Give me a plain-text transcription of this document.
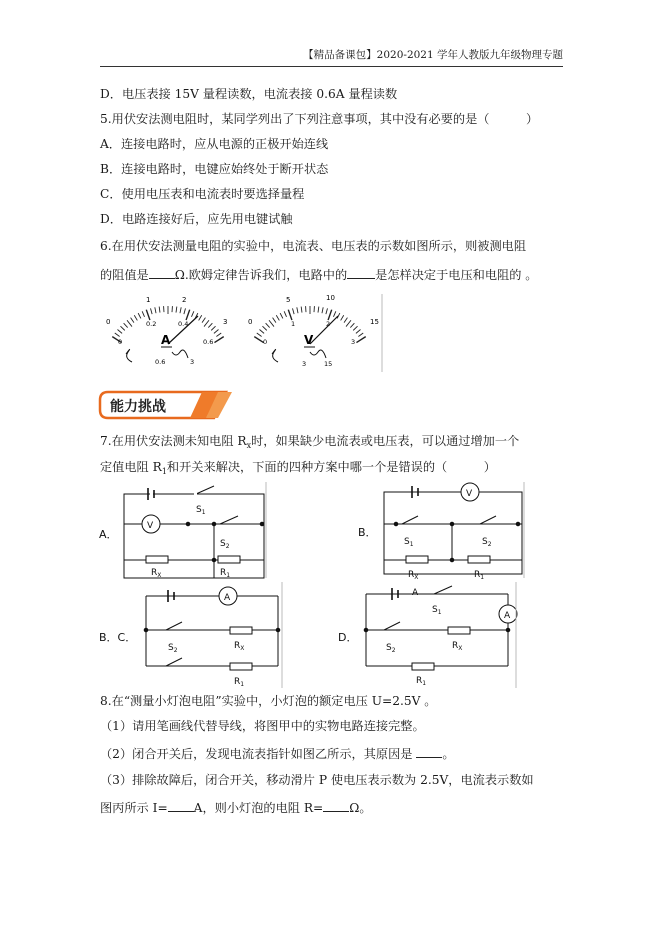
【精品备课包】2020-2021 学年人教版九年级物理专题
D．电压表接 15V 量程读数，电流表接 0.6A 量程读数
5.用伏安法测电阻时，某同学列出了下列注意事项，其中没有必要的是（　　　）
A．连接电路时，应从电源的正极开始连线
B．连接电路时，电键应始终处于断开状态
C．使用电压表和电流表时要选择量程
D．电路连接好后，应先用电键试触
6.在用伏安法测量电阻的实验中，电流表、电压表的示数如图所示，则被测电阻
的阻值是 Ω.欧姆定律告诉我们，电路中的 是怎样决定于电压和电阻的 。
0
1	2
3
0
0.2	0.4
0.6
A
0.6	3
0
5	10
15
0
1	2
3
V
3	15
能力挑战
7.在用伏安法测未知电阻 $R_x$时，如果缺少电流表或电压表，可以通过增加一个
定值电阻 $R_1$和开关来解决，下面的四种方案中哪一个是错误的（　　　）
A．
$S_1$
V
$S_2$
$R_X$	$R_1$
B．
V
$S_1$	$S_2$
$R_X$	$R_1$
B．C．
A
$S_2$	$R_X$
$R_1$
D．
A
$S_1$	A
$S_2$	$R_X$
$R_1$
8.在“测量小灯泡电阻”实验中，小灯泡的额定电压 U=2.5V 。
（1）请用笔画线代替导线，将图甲中的实物电路连接完整。
（2）闭合开关后，发现电流表指针如图乙所示，其原因是 。
（3）排除故障后，闭合开关，移动滑片 P 使电压表示数为 2.5V，电流表示数如
图丙所示 I= A，则小灯泡的电阻 R= Ω。
